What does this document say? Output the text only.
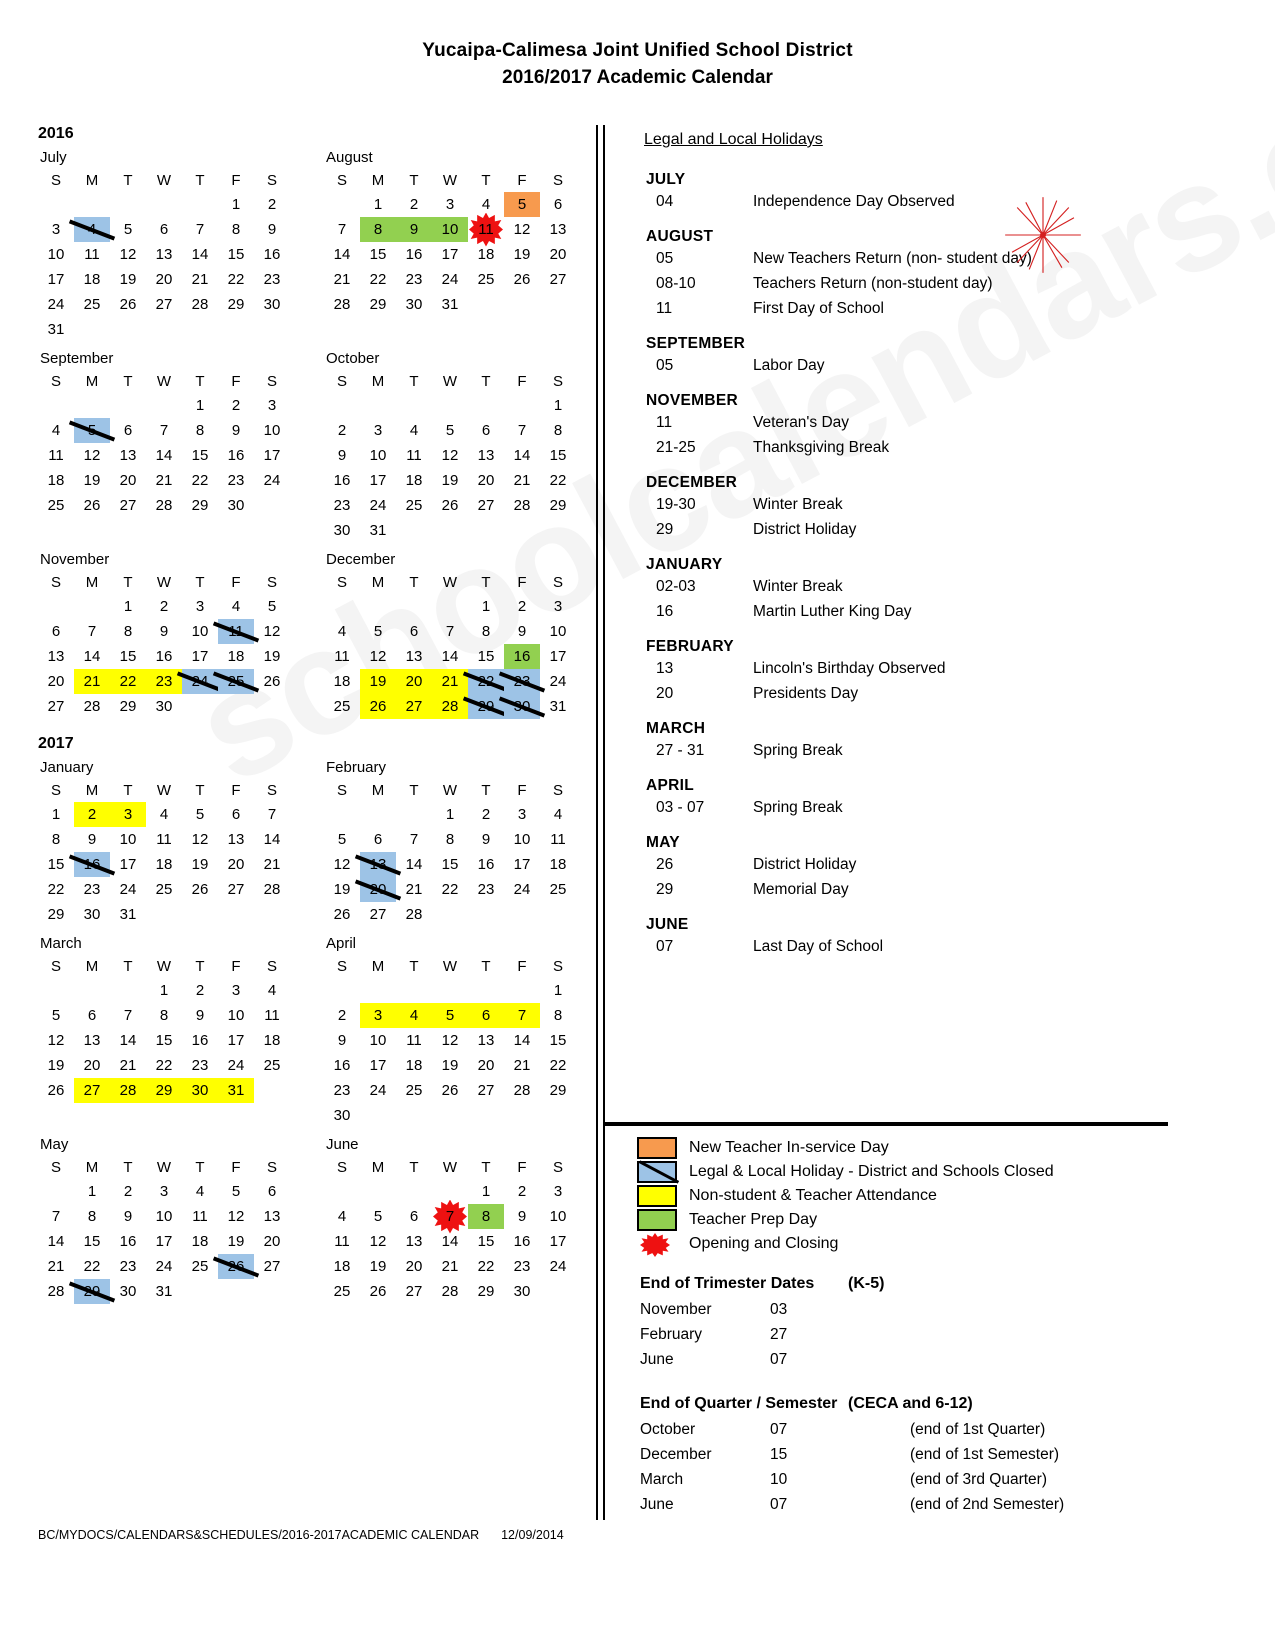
Yucaipa-Calimesa Joint Unified School District
2016/2017 Academic Calendar
2016
July
S	M	T	W	T	F	S

					1	2

3	4	5	6	7	8	9

10	11	12	13	14	15	16

17	18	19	20	21	22	23

24	25	26	27	28	29	30

31						

August
S	M	T	W	T	F	S

	1	2	3	4	5	6

7	8	9	10	11	12	13

14	15	16	17	18	19	20

21	22	23	24	25	26	27

28	29	30	31			

September
S	M	T	W	T	F	S

				1	2	3

4	5	6	7	8	9	10

11	12	13	14	15	16	17

18	19	20	21	22	23	24

25	26	27	28	29	30	

October
S	M	T	W	T	F	S

						1

2	3	4	5	6	7	8

9	10	11	12	13	14	15

16	17	18	19	20	21	22

23	24	25	26	27	28	29

30	31					

November
S	M	T	W	T	F	S

		1	2	3	4	5

6	7	8	9	10	11	12

13	14	15	16	17	18	19

20	21	22	23	24	25	26

27	28	29	30			

December
S	M	T	W	T	F	S

				1	2	3

4	5	6	7	8	9	10

11	12	13	14	15	16	17

18	19	20	21	22	23	24

25	26	27	28	29	30	31
2017
January
S	M	T	W	T	F	S

1	2	3	4	5	6	7

8	9	10	11	12	13	14

15	16	17	18	19	20	21

22	23	24	25	26	27	28

29	30	31				

February
S	M	T	W	T	F	S

			1	2	3	4

5	6	7	8	9	10	11

12	13	14	15	16	17	18

19	20	21	22	23	24	25

26	27	28				

March
S	M	T	W	T	F	S

			1	2	3	4

5	6	7	8	9	10	11

12	13	14	15	16	17	18

19	20	21	22	23	24	25

26	27	28	29	30	31	

April
S	M	T	W	T	F	S

						1

2	3	4	5	6	7	8

9	10	11	12	13	14	15

16	17	18	19	20	21	22

23	24	25	26	27	28	29

30						

May
S	M	T	W	T	F	S

	1	2	3	4	5	6

7	8	9	10	11	12	13

14	15	16	17	18	19	20

21	22	23	24	25	26	27

28	29	30	31			

June
S	M	T	W	T	F	S

				1	2	3

4	5	6	7	8	9	10

11	12	13	14	15	16	17

18	19	20	21	22	23	24

25	26	27	28	29	30	

Legal and Local Holidays
JULY
04	Independence Day Observed
AUGUST
05	New Teachers Return (non- student day)
08-10	Teachers Return (non-student day)
11	First Day of School
SEPTEMBER
05	Labor Day
NOVEMBER
11	Veteran's Day
21-25	Thanksgiving Break
DECEMBER
19-30	Winter Break
29	District Holiday
JANUARY
02-03	Winter Break
16	Martin Luther King Day
FEBRUARY
13	Lincoln's Birthday Observed
20	Presidents Day
MARCH
27 - 31	Spring Break
APRIL
03 - 07	Spring Break
MAY
26	District Holiday
29	Memorial Day
JUNE
07	Last Day of School
New Teacher In-service Day
Legal & Local Holiday - District and Schools Closed
Non-student & Teacher Attendance
Teacher Prep Day
Opening and Closing
End of Trimester Dates	(K-5)
November	03
February	27
June	07
End of Quarter / Semester (CECA and 6-12)
October	07	(end of 1st Quarter)
December	15	(end of 1st Semester)
March	10	(end of 3rd Quarter)
June	07	(end of 2nd Semester)
BC/MYDOCS/CALENDARS&SCHEDULES/2016-2017ACADEMIC CALENDAR 12/09/2014
